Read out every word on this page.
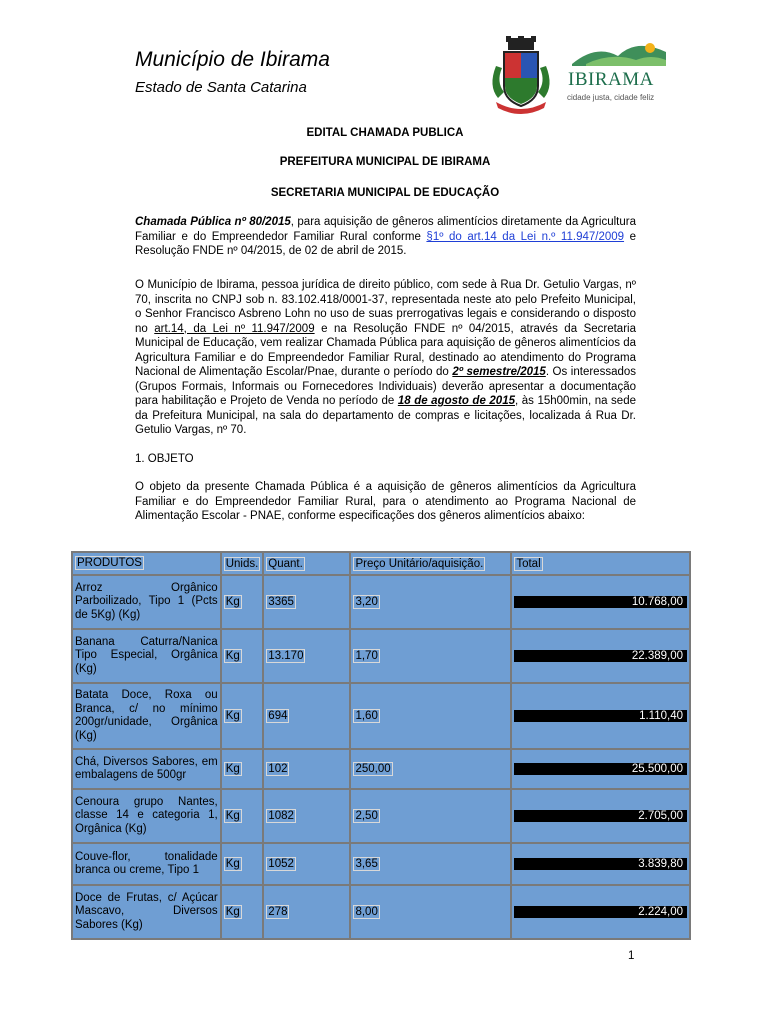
Município de Ibirama
Estado de Santa Catarina	IBIRAMA
cidade justa, cidade feliz
EDITAL CHAMADA PUBLICA
PREFEITURA MUNICIPAL DE IBIRAMA
SECRETARIA MUNICIPAL DE EDUCAÇÃO
Chamada Pública nº 80/2015, para aquisição de gêneros alimentícios diretamente da Agricultura Familiar e do Empreendedor Familiar Rural conforme §1º do art.14 da Lei n.º 11.947/2009 e Resolução FNDE nº 04/2015, de 02 de abril de 2015.
O Município de Ibirama, pessoa jurídica de direito público, com sede à Rua Dr. Getulio Vargas, nº 70, inscrita no CNPJ sob n. 83.102.418/0001-37, representada neste ato pelo Prefeito Municipal, o Senhor Francisco Asbreno Lohn no uso de suas prerrogativas legais e considerando o disposto no art.14, da Lei nº 11.947/2009 e na Resolução FNDE nº 04/2015, através da Secretaria Municipal de Educação, vem realizar Chamada Pública para aquisição de gêneros alimentícios da Agricultura Familiar e do Empreendedor Familiar Rural, destinado ao atendimento do Programa Nacional de Alimentação Escolar/Pnae, durante o período do 2º semestre/2015. Os interessados (Grupos Formais, Informais ou Fornecedores Individuais) deverão apresentar a documentação para habilitação e Projeto de Venda no período de 18 de agosto de 2015, às 15h00min, na sede da Prefeitura Municipal, na sala do departamento de compras e licitações, localizada á Rua Dr. Getulio Vargas, nº 70.
1. OBJETO
O objeto da presente Chamada Pública é a aquisição de gêneros alimentícios da Agricultura Familiar e do Empreendedor Familiar Rural, para o atendimento ao Programa Nacional de Alimentação Escolar - PNAE, conforme especificações dos gêneros alimentícios abaixo:
PRODUTOS	Unids.	Quant.	Preço Unitário/aquisição.	Total
Arroz Orgânico Parboilizado, Tipo 1 (Pcts de 5Kg) (Kg)	Kg	3365	3,20	10.768,00

Banana Caturra/Nanica Tipo Especial, Orgânica (Kg)	Kg	13.170	1,70	22.389,00

Batata Doce, Roxa ou Branca, c/ no mínimo 200gr/unidade, Orgânica (Kg)	Kg	694	1,60	1.110,40

Chá, Diversos Sabores, em embalagens de 500gr	Kg	102	250,00	25.500,00

Cenoura grupo Nantes, classe 14 e categoria 1, Orgânica (Kg)	Kg	1082	2,50	2.705,00

Couve-flor, tonalidade branca ou creme, Tipo 1	Kg	1052	3,65	3.839,80

Doce de Frutas, c/ Açúcar Mascavo, Diversos Sabores (Kg)	Kg	278	8,00	2.224,00
1
